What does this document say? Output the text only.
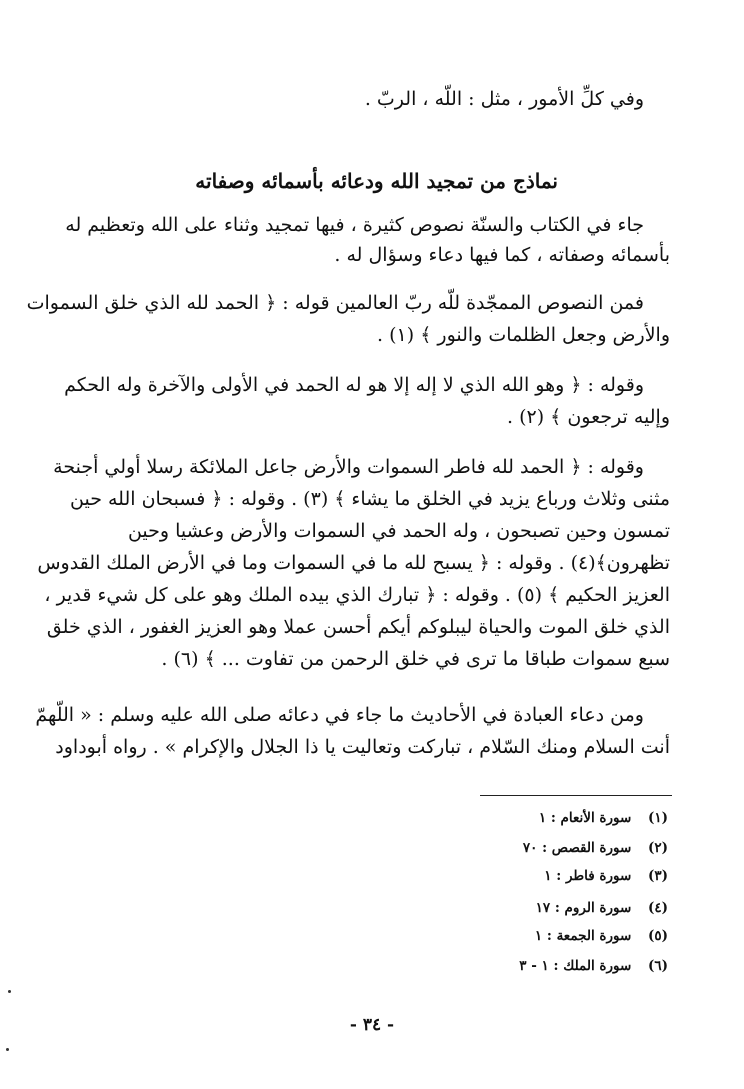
وفي كلِّ الأمور ، مثل : اللّه ، الربّ .
نماذج من تمجيد الله ودعائه بأسمائه وصفاته
جاء في الكتاب والسنّة نصوص كثيرة ، فيها تمجيد وثناء على الله وتعظيم له
بأسمائه وصفاته ، كما فيها دعاء وسؤال له .
فمن النصوص الممجّدة للّه ربّ العالمين قوله : ﴿ الحمد لله الذي خلق السموات
والأرض وجعل الظلمات والنور ﴾ (١) .
وقوله : ﴿ وهو الله الذي لا إله إلا هو له الحمد في الأولى والآخرة وله الحكم
وإليه ترجعون ﴾ (٢) .
وقوله : ﴿ الحمد لله فاطر السموات والأرض جاعل الملائكة رسلا أولي أجنحة
مثنى وثلاث ورباع يزيد في الخلق ما يشاء ﴾ (٣) . وقوله : ﴿ فسبحان الله حين
تمسون وحين تصبحون ، وله الحمد في السموات والأرض وعشيا وحين
تظهرون﴾(٤) . وقوله : ﴿ يسبح لله ما في السموات وما في الأرض الملك القدوس
العزيز الحكيم ﴾ (٥) . وقوله : ﴿ تبارك الذي بيده الملك وهو على كل شيء قدير ،
الذي خلق الموت والحياة ليبلوكم أيكم أحسن عملا وهو العزيز الغفور ، الذي خلق
سبع سموات طباقا ما ترى في خلق الرحمن من تفاوت ... ﴾ (٦) .
ومن دعاء العبادة في الأحاديث ما جاء في دعائه صلى الله عليه وسلم : « اللّهمّ
أنت السلام ومنك السّلام ، تباركت وتعاليت يا ذا الجلال والإكرام » . رواه أبوداود
(١) سورة الأنعام : ١
(٢) سورة القصص : ٧٠
(٣) سورة فاطر : ١
(٤) سورة الروم : ١٧
(٥) سورة الجمعة : ١
(٦) سورة الملك : ١ - ٣
- ٣٤ -
